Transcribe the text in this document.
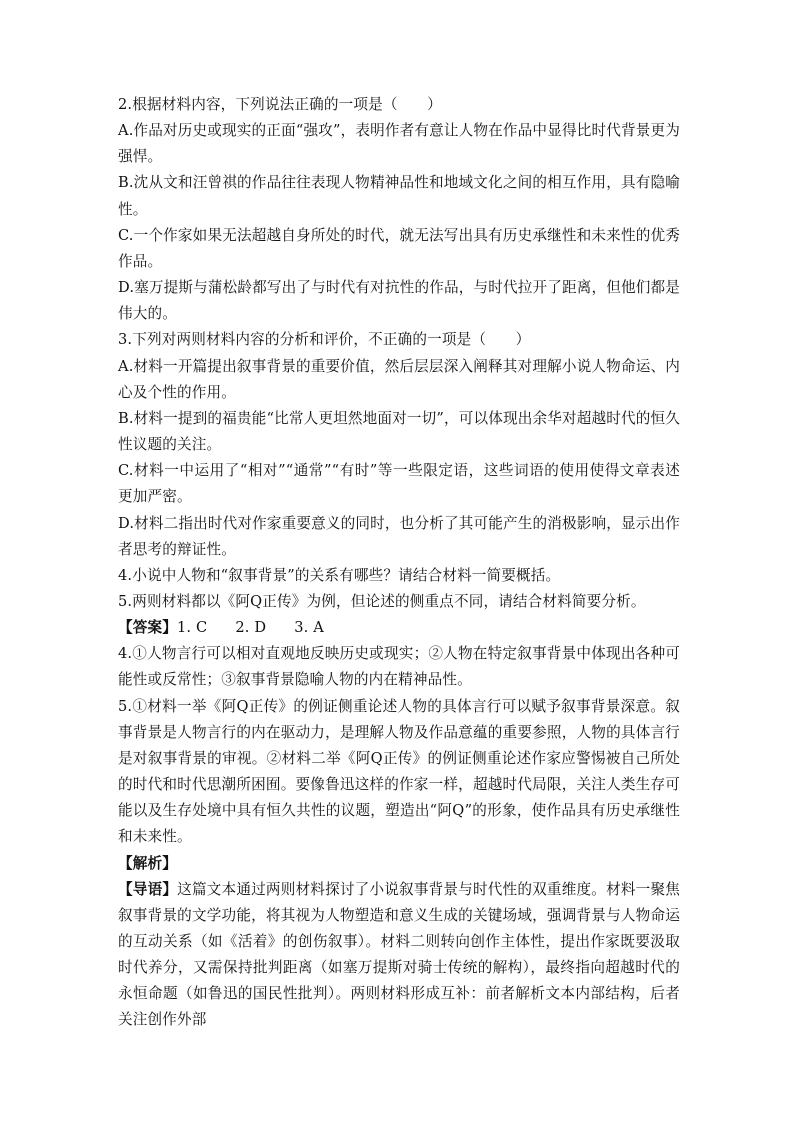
2.根据材料内容，下列说法正确的一项是（　　）

A.作品对历史或现实的正面“强攻”，表明作者有意让人物在作品中显得比时代背景更为强悍。

B.沈从文和汪曾祺的作品往往表现人物精神品性和地域文化之间的相互作用，具有隐喻性。

C.一个作家如果无法超越自身所处的时代，就无法写出具有历史承继性和未来性的优秀作品。

D.塞万提斯与蒲松龄都写出了与时代有对抗性的作品，与时代拉开了距离，但他们都是伟大的。

3.下列对两则材料内容的分析和评价，不正确的一项是（　　）

A.材料一开篇提出叙事背景的重要价值，然后层层深入阐释其对理解小说人物命运、内心及个性的作用。

B.材料一提到的福贵能“比常人更坦然地面对一切”，可以体现出余华对超越时代的恒久性议题的关注。

C.材料一中运用了“相对”“通常”“有时”等一些限定语，这些词语的使用使得文章表述更加严密。

D.材料二指出时代对作家重要意义的同时，也分析了其可能产生的消极影响，显示出作者思考的辩证性。

4.小说中人物和“叙事背景”的关系有哪些？请结合材料一简要概括。

5.两则材料都以《阿Q正传》为例，但论述的侧重点不同，请结合材料简要分析。

【答案】1. C 2. D 3. A

4.①人物言行可以相对直观地反映历史或现实；②人物在特定叙事背景中体现出各种可能性或反常性；③叙事背景隐喻人物的内在精神品性。

5.①材料一举《阿Q正传》的例证侧重论述人物的具体言行可以赋予叙事背景深意。叙事背景是人物言行的内在驱动力，是理解人物及作品意蕴的重要参照，人物的具体言行是对叙事背景的审视。②材料二举《阿Q正传》的例证侧重论述作家应警惕被自己所处的时代和时代思潮所困囿。要像鲁迅这样的作家一样，超越时代局限，关注人类生存可能以及生存处境中具有恒久共性的议题，塑造出“阿Q”的形象，使作品具有历史承继性和未来性。

【解析】

【导语】这篇文本通过两则材料探讨了小说叙事背景与时代性的双重维度。材料一聚焦叙事背景的文学功能，将其视为人物塑造和意义生成的关键场域，强调背景与人物命运的互动关系（如《活着》的创伤叙事）。材料二则转向创作主体性，提出作家既要汲取时代养分，又需保持批判距离（如塞万提斯对骑士传统的解构），最终指向超越时代的永恒命题（如鲁迅的国民性批判）。两则材料形成互补：前者解析文本内部结构，后者关注创作外部
